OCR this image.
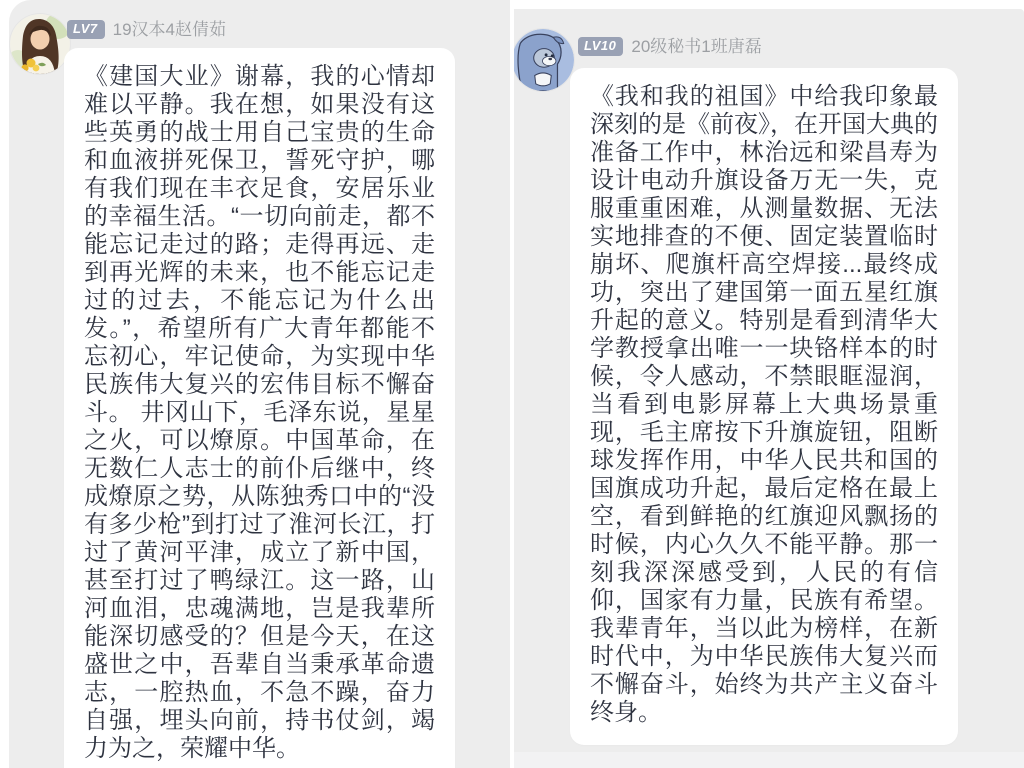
LV7 19汉本4赵倩茹

《建国大业》谢幕，我的心情却难以平静。我在想，如果没有这些英勇的战士用自己宝贵的生命和血液拼死保卫，誓死守护，哪有我们现在丰衣足食，安居乐业的幸福生活。“一切向前走，都不能忘记走过的路；走得再远、走到再光辉的未来，也不能忘记走过的过去，不能忘记为什么出发。”，希望所有广大青年都能不忘初心，牢记使命，为实现中华民族伟大复兴的宏伟目标不懈奋斗。 井冈山下，毛泽东说，星星之火，可以燎原。中国革命，在无数仁人志士的前仆后继中，终成燎原之势，从陈独秀口中的“没有多少枪”到打过了淮河长江，打过了黄河平津，成立了新中国，甚至打过了鸭绿江。这一路，山河血泪，忠魂满地，岂是我辈所能深切感受的？但是今天，在这盛世之中，吾辈自当秉承革命遗志，一腔热血，不急不躁，奋力自强，埋头向前，持书仗剑，竭力为之，荣耀中华。

LV10 20级秘书1班唐磊

《我和我的祖国》中给我印象最深刻的是《前夜》，在开国大典的准备工作中，林治远和梁昌寿为设计电动升旗设备万无一失，克服重重困难，从测量数据、无法实地排查的不便、固定装置临时崩坏、爬旗杆高空焊接...最终成功，突出了建国第一面五星红旗升起的意义。特别是看到清华大学教授拿出唯一一块铬样本的时候，令人感动，不禁眼眶湿润，当看到电影屏幕上大典场景重现，毛主席按下升旗旋钮，阻断球发挥作用，中华人民共和国的国旗成功升起，最后定格在最上空，看到鲜艳的红旗迎风飘扬的时候，内心久久不能平静。那一刻我深深感受到，人民的有信仰，国家有力量，民族有希望。我辈青年，当以此为榜样，在新时代中，为中华民族伟大复兴而不懈奋斗，始终为共产主义奋斗终身。
